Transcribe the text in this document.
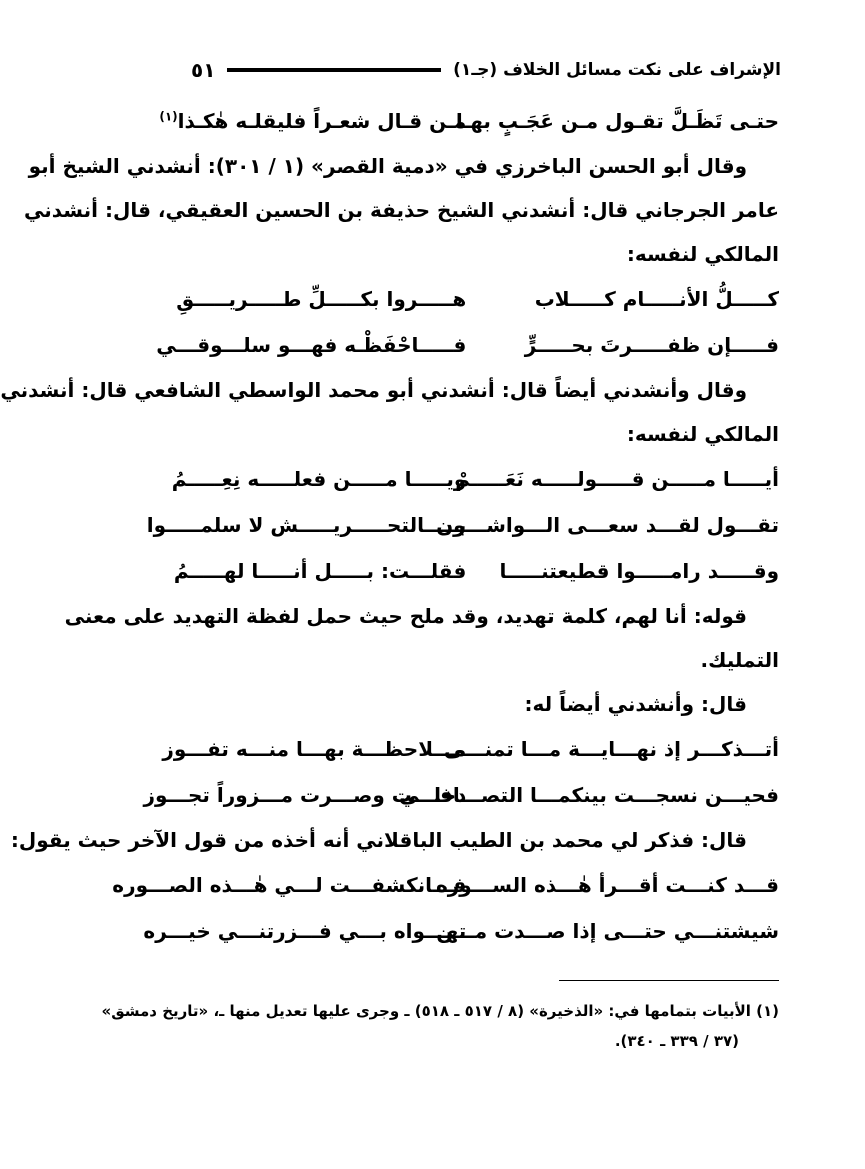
الإشراف على نكت مسائل الخلاف (جـ١)
٥١
حتـى تَظَـلَّ تقـول مـن عَجَـبٍ بهـا
مـن قـال شعـراً فليقلـه هٰكـذا$^{(١)}$
وقال أبو الحسن الباخرزي في «دمية القصر» (١ / ٣٠١): أنشدني الشيخ أبو
عامر الجرجاني قال: أنشدني الشيخ حذيفة بن الحسين العقيقي، قال: أنشدني
المالكي لنفسه:
كـــــلُّ الأنـــــام كـــــلاب
هـــــروا بكـــــلِّ طـــــريـــــقِ
فـــــإن ظفـــــرتَ بحـــــرٍّ
فـــــاحْفَظْـه فهـــو سلـــوقـــي
وقال وأنشدني أيضاً قال: أنشدني أبو محمد الواسطي الشافعي قال: أنشدني
المالكي لنفسه:
أيـــــا مـــــن قـــــولـــــه نَعَـــــمْ
ويـــــا مـــــن فعلـــــه نِعِـــــمُ
تقـــول لقـــد سعـــى الـــواشـــون
بـــــالتحـــــريـــــش لا سلمـــــوا
وقـــــد رامـــــوا قطيعتنـــــا
فقلـــت: بـــــل أنـــــا لهـــــمُ
قوله: أنا لهم، كلمة تهديد، وقد ملح حيث حمل لفظة التهديد على معنى
التمليك.
قال: وأنشدني أيضاً له:
أتـــذكـــر إذ نهـــايـــة مـــا تمنـــى
مـــلاحظـــة بهـــا منـــه تفـــوز
فحيـــن نسجـــت بينكمـــا التصـــافـــي
دخلـــت وصـــرت مـــزوراً تجـــوز
قال: فذكر لي محمد بن الطيب الباقلاني أنه أخذه من قول الآخر حيث يقول:
قـــد كنـــت أقـــرأ هٰـــذه الســـوره
فـــانكشفـــت لـــي هٰـــذه الصـــوره
شيشتنـــي حتـــى إذا صـــدت مـــن
تهـــواه بـــي فـــزرتنـــي خيـــره
(١) الأبيات بتمامها في: «الذخيرة» (٨ / ٥١٧ ـ ٥١٨) ـ وجرى عليها تعديل منها ـ، «تاريخ دمشق»
(٣٧ / ٣٣٩ ـ ٣٤٠).
